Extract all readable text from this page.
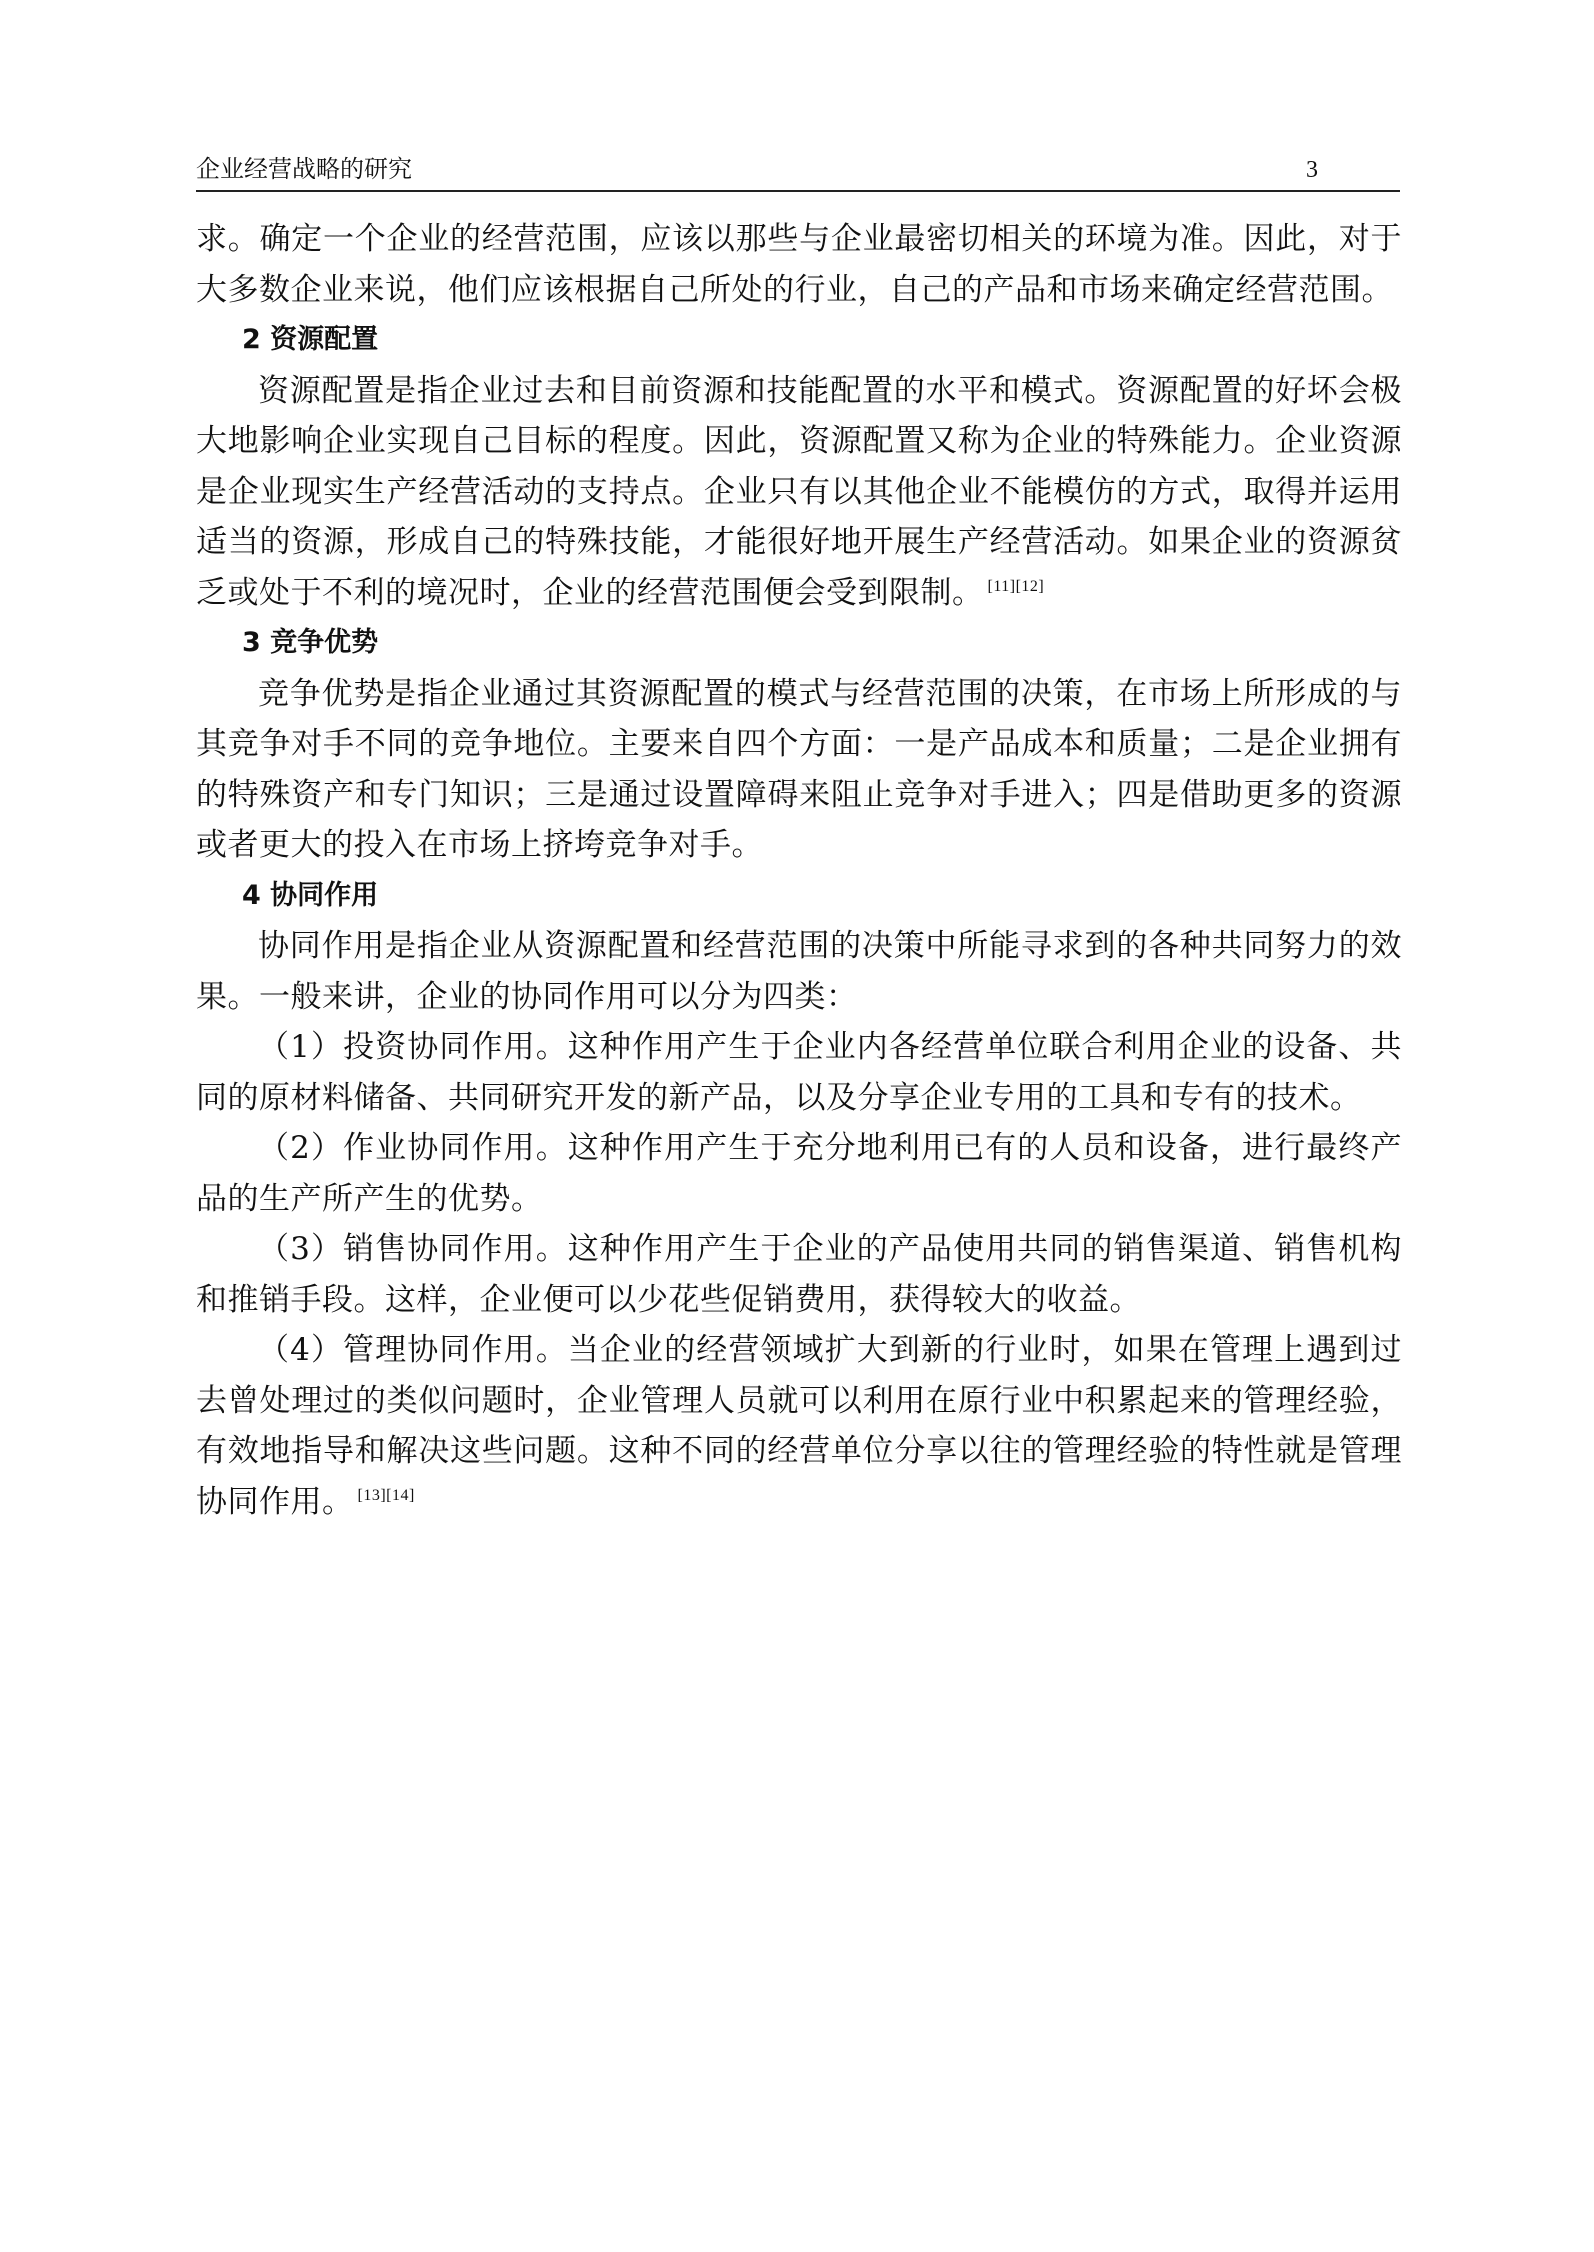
企业经营战略的研究	3

求。确定一个企业的经营范围，应该以那些与企业最密切相关的环境为准。因此，对于大多数企业来说，他们应该根据自己所处的行业，自己的产品和市场来确定经营范围。

2 资源配置

资源配置是指企业过去和目前资源和技能配置的水平和模式。资源配置的好坏会极大地影响企业实现自己目标的程度。因此，资源配置又称为企业的特殊能力。企业资源是企业现实生产经营活动的支持点。企业只有以其他企业不能模仿的方式，取得并运用适当的资源，形成自己的特殊技能，才能很好地开展生产经营活动。如果企业的资源贫乏或处于不利的境况时，企业的经营范围便会受到限制。 [11][12]

3 竞争优势

竞争优势是指企业通过其资源配置的模式与经营范围的决策，在市场上所形成的与其竞争对手不同的竞争地位。主要来自四个方面：一是产品成本和质量；二是企业拥有的特殊资产和专门知识；三是通过设置障碍来阻止竞争对手进入；四是借助更多的资源或者更大的投入在市场上挤垮竞争对手。

4 协同作用

协同作用是指企业从资源配置和经营范围的决策中所能寻求到的各种共同努力的效果。一般来讲，企业的协同作用可以分为四类：

（1）投资协同作用。这种作用产生于企业内各经营单位联合利用企业的设备、共同的原材料储备、共同研究开发的新产品，以及分享企业专用的工具和专有的技术。

（2）作业协同作用。这种作用产生于充分地利用已有的人员和设备，进行最终产品的生产所产生的优势。

（3）销售协同作用。这种作用产生于企业的产品使用共同的销售渠道、销售机构和推销手段。这样，企业便可以少花些促销费用，获得较大的收益。

（4）管理协同作用。当企业的经营领域扩大到新的行业时，如果在管理上遇到过去曾处理过的类似问题时，企业管理人员就可以利用在原行业中积累起来的管理经验，有效地指导和解决这些问题。这种不同的经营单位分享以往的管理经验的特性就是管理协同作用。 [13][14]
